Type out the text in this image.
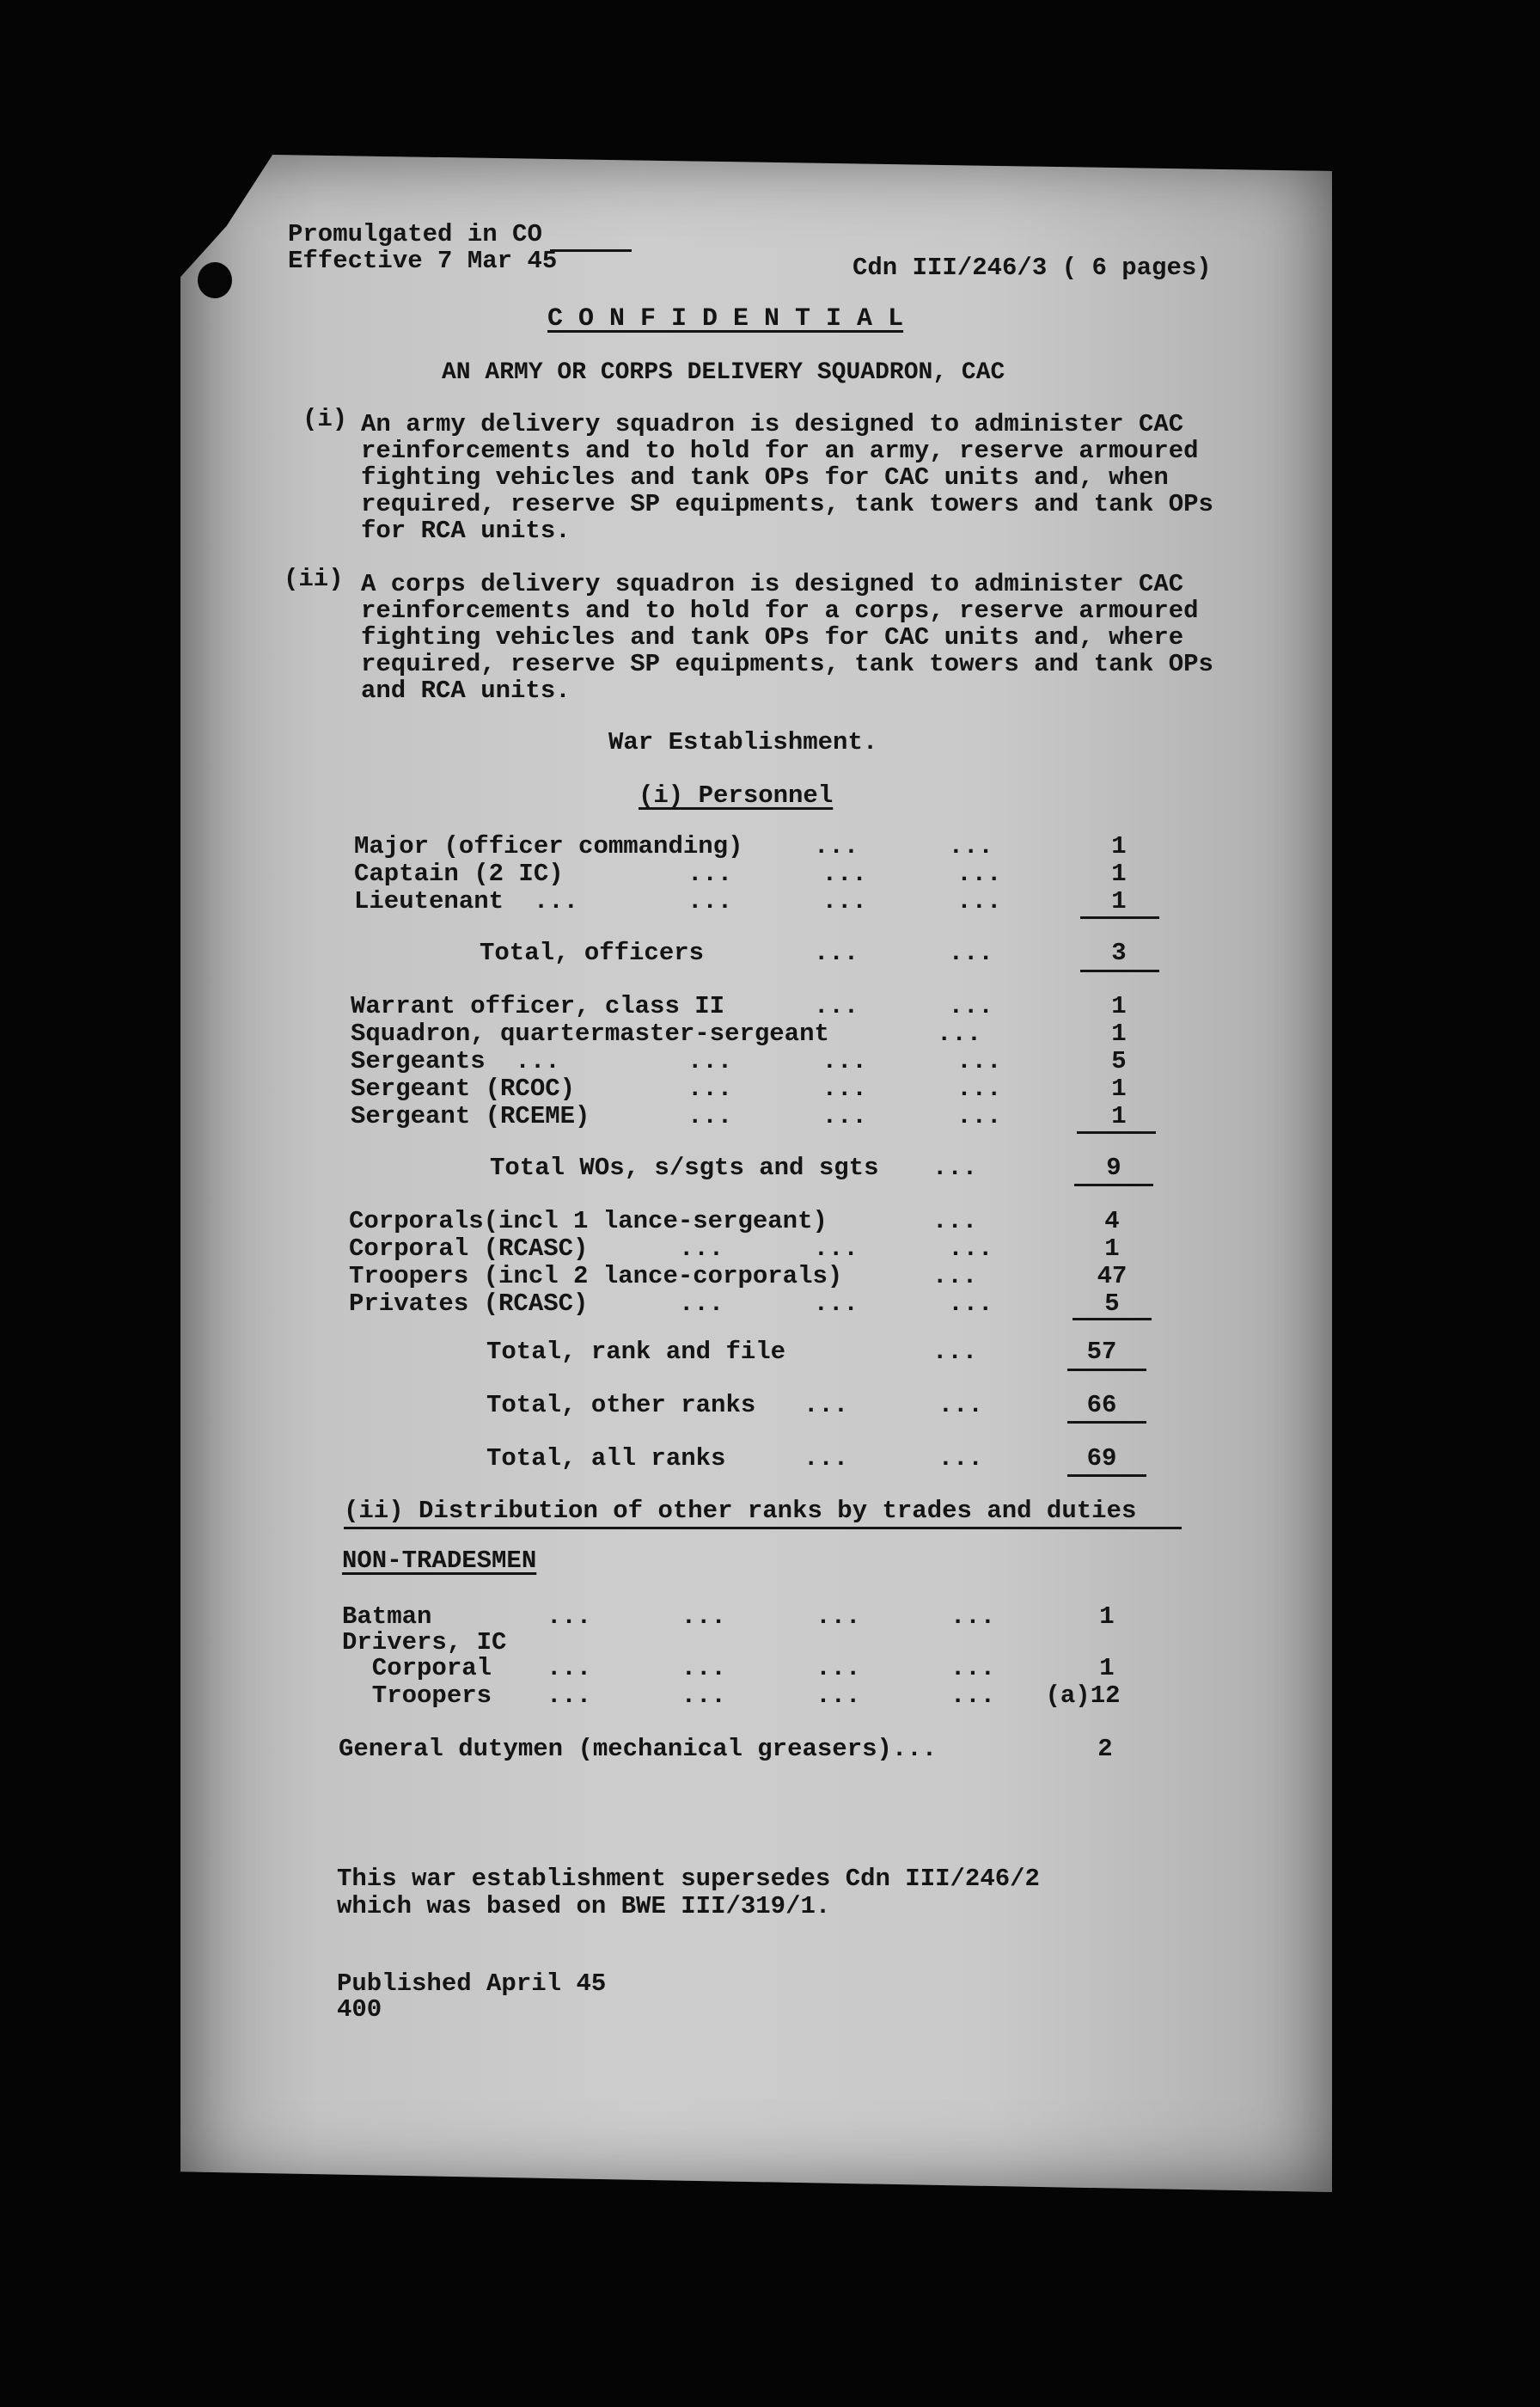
Promulgated in CO
Effective 7 Mar 45	Cdn III/246/3 ( 6 pages)
C O N F I D E N T I A L
AN ARMY OR CORPS DELIVERY SQUADRON, CAC
(i) An army delivery squadron is designed to administer CAC reinforcements and to hold for an army, reserve armoured fighting vehicles and tank OPs for CAC units and, when required, reserve SP equipments, tank towers and tank OPs for RCA units.
(ii) A corps delivery squadron is designed to administer CAC reinforcements and to hold for a corps, reserve armoured fighting vehicles and tank OPs for CAC units and, where required, reserve SP equipments, tank towers and tank OPs and RCA units.
War Establishment.
(i) Personnel
Major (officer commanding)	...      ...	1
Captain (2 IC)	...      ...      ...	1
Lieutenant  ...	...      ...      ...	1
Total, officers	...      ...	3
Warrant officer, class II	...      ...	1
Squadron, quartermaster-sergeant	...	1
Sergeants  ...	...      ...      ...	5
Sergeant (RCOC)	...      ...      ...	1
Sergeant (RCEME)	...      ...      ...	1
Total WOs, s/sgts and sgts ...	9
Corporals(incl 1 lance-sergeant)	...	4
Corporal (RCASC)	...      ...      ...	1
Troopers (incl 2 lance-corporals)	...	47
Privates (RCASC)	...      ...      ...	5
Total, rank and file	...	57
Total, other ranks ...      ...	66
Total, all ranks	...      ...	69
(ii) Distribution of other ranks by trades and duties
NON-TRADESMEN
Batman	...      ...      ...      ...	1
Drivers, IC
Corporal ...      ...      ...      ...	1
Troopers ...      ...      ...      ...	(a)12
General dutymen (mechanical greasers)...	2
This war establishment supersedes Cdn III/246/2
which was based on BWE III/319/1.
Published April 45
400
